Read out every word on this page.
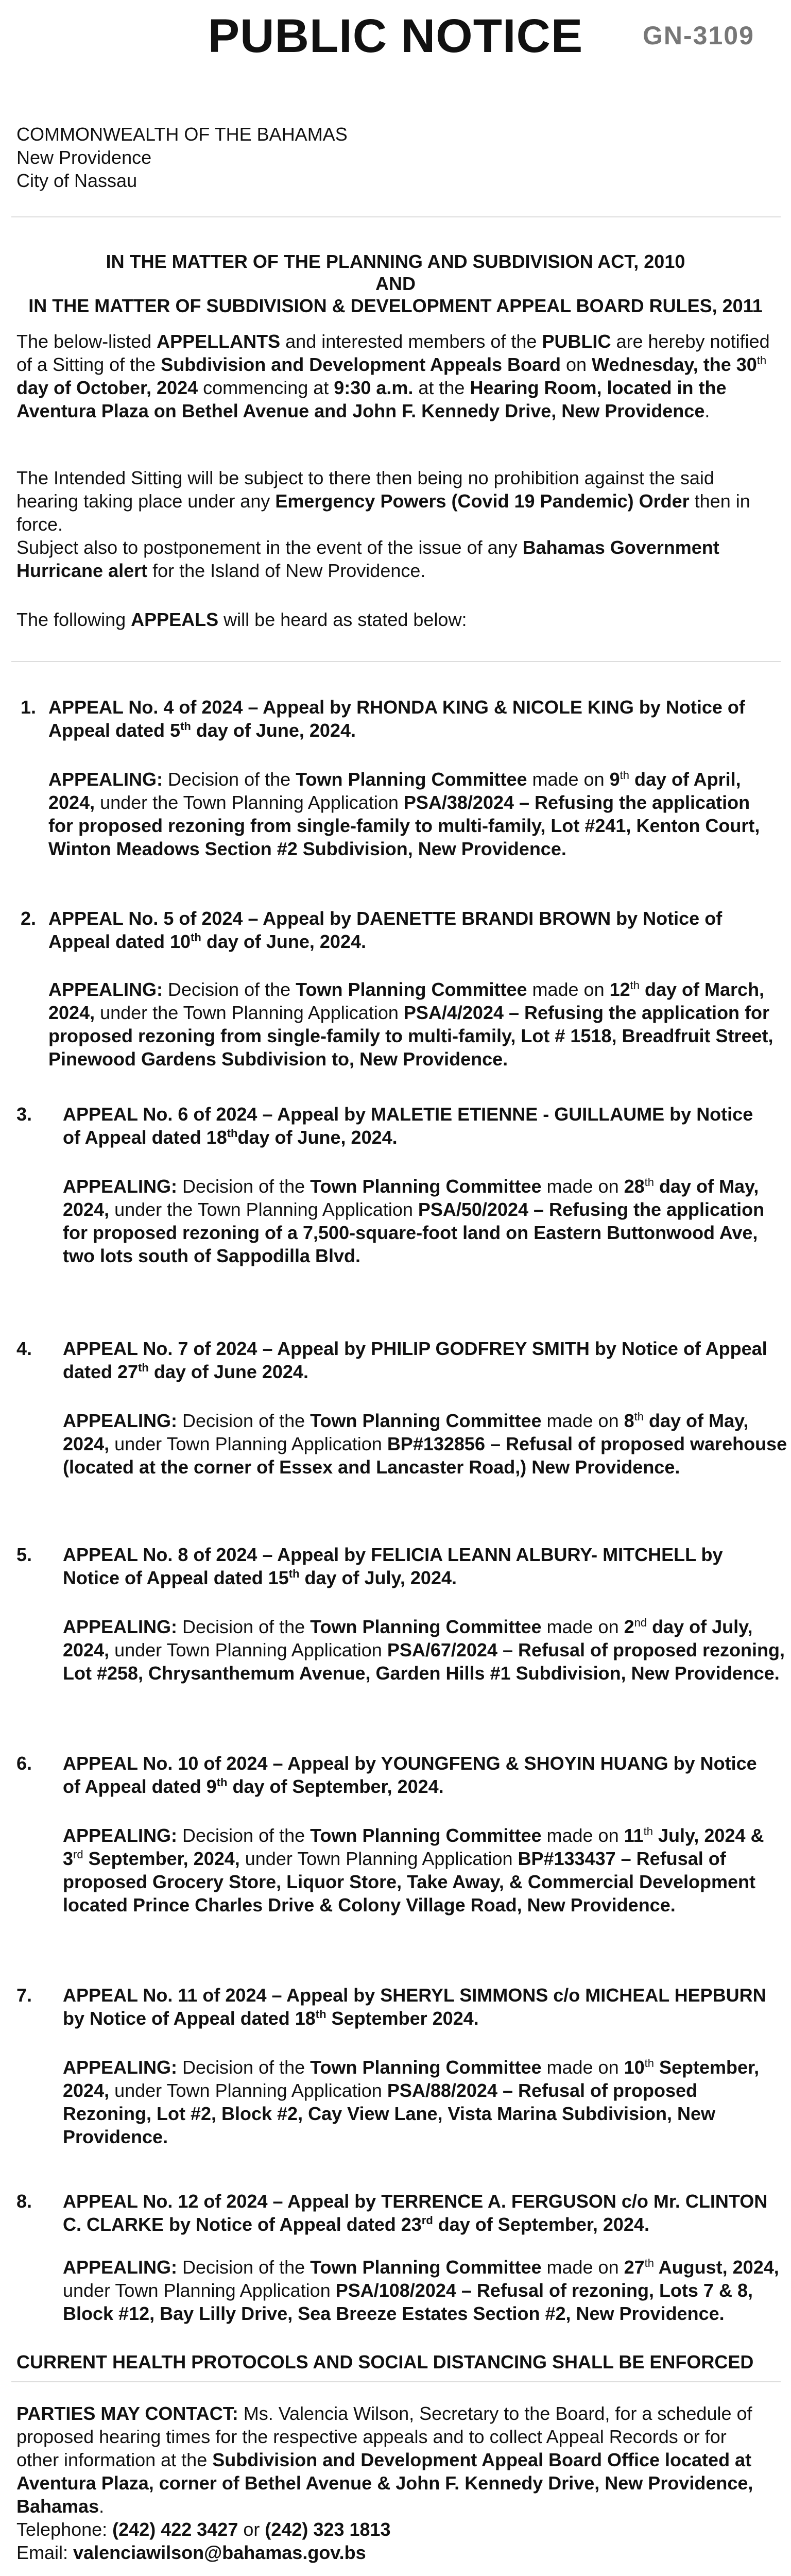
PUBLIC NOTICE	GN-3109
COMMONWEALTH OF THE BAHAMAS
New Providence
City of Nassau
IN THE MATTER OF THE PLANNING AND SUBDIVISION ACT, 2010
AND
IN THE MATTER OF SUBDIVISION & DEVELOPMENT APPEAL BOARD RULES, 2011
The below-listed APPELLANTS and interested members of the PUBLIC are hereby notified of a Sitting of the Subdivision and Development Appeals Board on Wednesday, the 30th day of October, 2024 commencing at 9:30 a.m. at the Hearing Room, located in the Aventura Plaza on Bethel Avenue and John F. Kennedy Drive, New Providence.
The Intended Sitting will be subject to there then being no prohibition against the said hearing taking place under any Emergency Powers (Covid 19 Pandemic) Order then in force.
Subject also to postponement in the event of the issue of any Bahamas Government Hurricane alert for the Island of New Providence.
The following APPEALS will be heard as stated below:
1. APPEAL No. 4 of 2024 – Appeal by RHONDA KING & NICOLE KING by Notice of Appeal dated 5th day of June, 2024.
APPEALING: Decision of the Town Planning Committee made on 9th day of April, 2024, under the Town Planning Application PSA/38/2024 – Refusing the application for proposed rezoning from single-family to multi-family, Lot #241, Kenton Court, Winton Meadows Section #2 Subdivision, New Providence.
2. APPEAL No. 5 of 2024 – Appeal by DAENETTE BRANDI BROWN by Notice of Appeal dated 10th day of June, 2024.
APPEALING: Decision of the Town Planning Committee made on 12th day of March, 2024, under the Town Planning Application PSA/4/2024 – Refusing the application for proposed rezoning from single-family to multi-family, Lot # 1518, Breadfruit Street, Pinewood Gardens Subdivision to, New Providence.
3. APPEAL No. 6 of 2024 – Appeal by MALETIE ETIENNE - GUILLAUME by Notice of Appeal dated 18thday of June, 2024.
APPEALING: Decision of the Town Planning Committee made on 28th day of May, 2024, under the Town Planning Application PSA/50/2024 – Refusing the application for proposed rezoning of a 7,500-square-foot land on Eastern Buttonwood Ave, two lots south of Sappodilla Blvd.
4. APPEAL No. 7 of 2024 – Appeal by PHILIP GODFREY SMITH by Notice of Appeal dated 27th day of June 2024.
APPEALING: Decision of the Town Planning Committee made on 8th day of May, 2024, under Town Planning Application BP#132856 – Refusal of proposed warehouse (located at the corner of Essex and Lancaster Road,) New Providence.
5. APPEAL No. 8 of 2024 – Appeal by FELICIA LEANN ALBURY- MITCHELL by Notice of Appeal dated 15th day of July, 2024.
APPEALING: Decision of the Town Planning Committee made on 2nd day of July, 2024, under Town Planning Application PSA/67/2024 – Refusal of proposed rezoning, Lot #258, Chrysanthemum Avenue, Garden Hills #1 Subdivision, New Providence.
6. APPEAL No. 10 of 2024 – Appeal by YOUNGFENG & SHOYIN HUANG by Notice of Appeal dated 9th day of September, 2024.
APPEALING: Decision of the Town Planning Committee made on 11th July, 2024 & 3rd September, 2024, under Town Planning Application BP#133437 – Refusal of proposed Grocery Store, Liquor Store, Take Away, & Commercial Development located Prince Charles Drive & Colony Village Road, New Providence.
7. APPEAL No. 11 of 2024 – Appeal by SHERYL SIMMONS c/o MICHEAL HEPBURN by Notice of Appeal dated 18th September 2024.
APPEALING: Decision of the Town Planning Committee made on 10th September, 2024, under Town Planning Application PSA/88/2024 – Refusal of proposed Rezoning, Lot #2, Block #2, Cay View Lane, Vista Marina Subdivision, New Providence.
8. APPEAL No. 12 of 2024 – Appeal by TERRENCE A. FERGUSON c/o Mr. CLINTON C. CLARKE by Notice of Appeal dated 23rd day of September, 2024.
APPEALING: Decision of the Town Planning Committee made on 27th August, 2024, under Town Planning Application PSA/108/2024 – Refusal of rezoning, Lots 7 & 8, Block #12, Bay Lilly Drive, Sea Breeze Estates Section #2, New Providence.
CURRENT HEALTH PROTOCOLS AND SOCIAL DISTANCING SHALL BE ENFORCED
PARTIES MAY CONTACT: Ms. Valencia Wilson, Secretary to the Board, for a schedule of proposed hearing times for the respective appeals and to collect Appeal Records or for other information at the Subdivision and Development Appeal Board Office located at Aventura Plaza, corner of Bethel Avenue & John F. Kennedy Drive, New Providence, Bahamas.
Telephone: (242) 422 3427 or (242) 323 1813
Email: valenciawilson@bahamas.gov.bs
